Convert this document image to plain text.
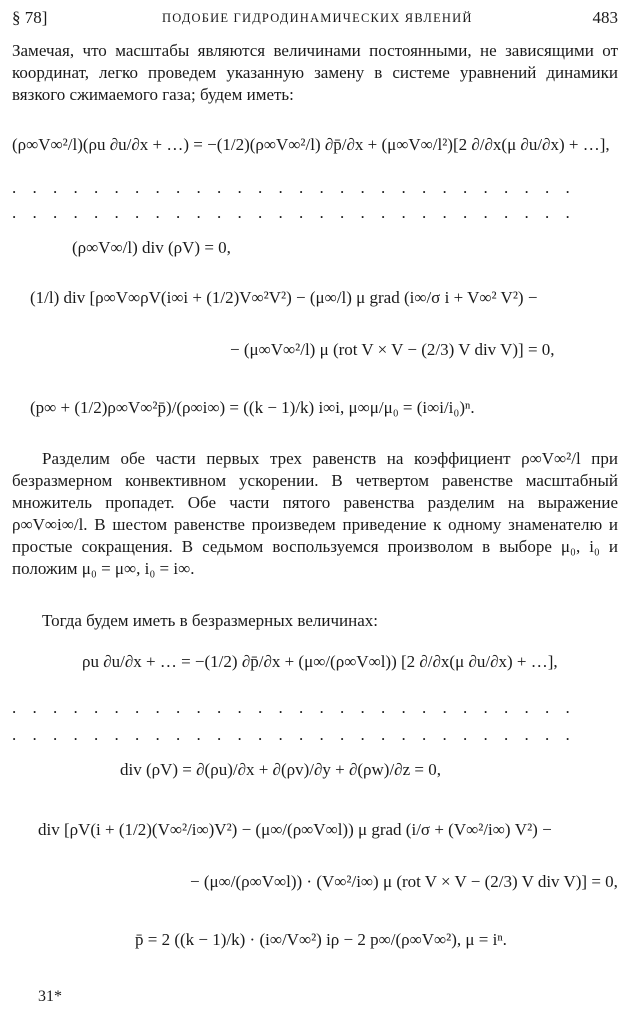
§ 78]	ПОДОБИЕ ГИДРОДИНАМИЧЕСКИХ ЯВЛЕНИЙ	483

Замечая, что масштабы являются величинами постоянными, не зависящими от координат, легко проведем указанную замену в системе уравнений динамики вязкого сжимаемого газа; будем иметь:

(ρ∞V∞²/l)(ρu ∂u/∂x + …) = −(1/2)(ρ∞V∞²/l) ∂p̄/∂x + (μ∞V∞/l²)[2 ∂/∂x(μ ∂u/∂x) + …],
. . . . . . . . . . . . . . . . . . . . . . . . . . . .
. . . . . . . . . . . . . . . . . . . . . . . . . . . .
(ρ∞V∞/l) div (ρV) = 0,
(1/l) div [ρ∞V∞ρV(i∞i + (1/2)V∞²V²) − (μ∞/l) μ grad (i∞/σ i + V∞² V²) −
− (μ∞V∞²/l) μ (rot V × V − (2/3) V div V)] = 0,
(p∞ + (1/2)ρ∞V∞²p̄)/(ρ∞i∞) = ((k − 1)/k) i∞i, μ∞μ/μ₀ = (i∞i/i₀)ⁿ.

Разделим обе части первых трех равенств на коэффициент ρ∞V∞²/l при безразмерном конвективном ускорении. В четвертом равенстве масштабный множитель пропадет. Обе части пятого равенства разделим на выражение ρ∞V∞i∞/l. В шестом равенстве произведем приведение к одному знаменателю и простые сокращения. В седьмом воспользуемся произволом в выборе μ₀, i₀ и положим μ₀ = μ∞, i₀ = i∞.

Тогда будем иметь в безразмерных величинах:

ρu ∂u/∂x + … = −(1/2) ∂p̄/∂x + (μ∞/(ρ∞V∞l)) [2 ∂/∂x(μ ∂u/∂x) + …],
. . . . . . . . . . . . . . . . . . . . . . . . . . . .
. . . . . . . . . . . . . . . . . . . . . . . . . . . .
div (ρV) = ∂(ρu)/∂x + ∂(ρv)/∂y + ∂(ρw)/∂z = 0,
div [ρV(i + (1/2)(V∞²/i∞)V²) − (μ∞/(ρ∞V∞l)) μ grad (i/σ + (V∞²/i∞) V²) −
− (μ∞/(ρ∞V∞l)) · (V∞²/i∞) μ (rot V × V − (2/3) V div V)] = 0,
p̄ = 2 ((k − 1)/k) · (i∞/V∞²) iρ − 2 p∞/(ρ∞V∞²), μ = iⁿ.
31*
